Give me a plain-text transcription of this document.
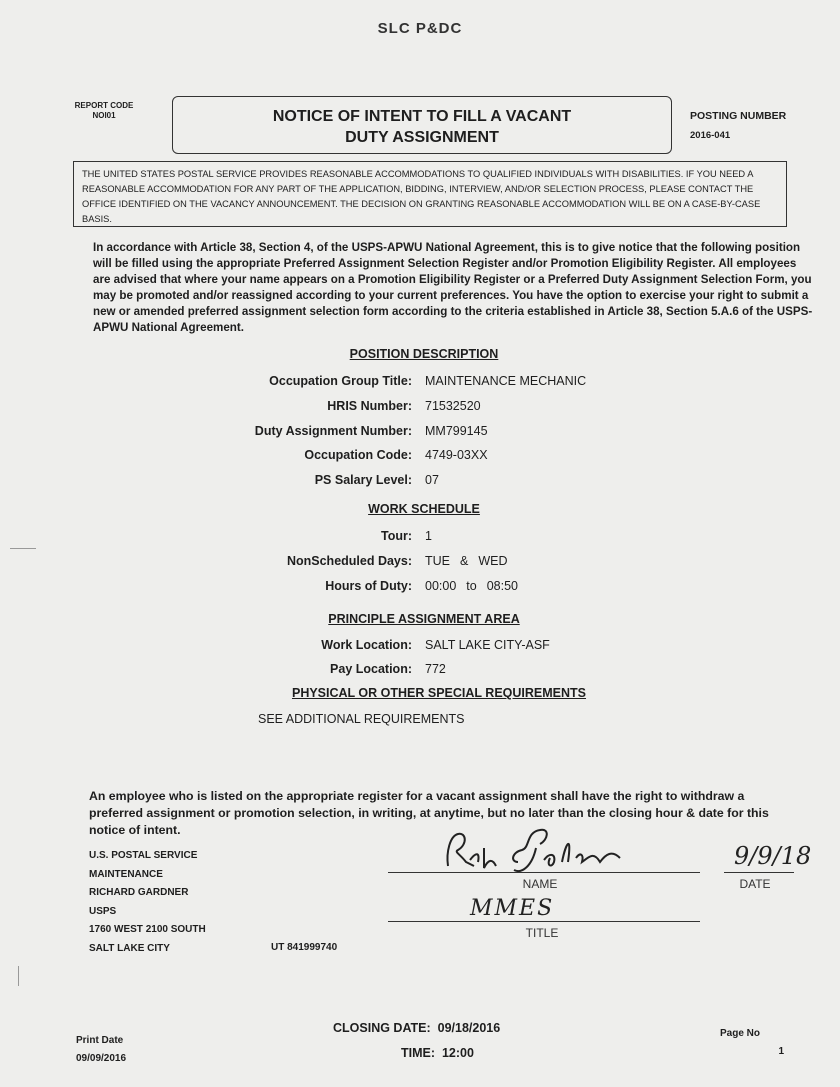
SLC P&DC
REPORT CODE
NOI01	NOTICE OF INTENT TO FILL A VACANT
DUTY ASSIGNMENT
POSTING NUMBER
2016-041
THE UNITED STATES POSTAL SERVICE PROVIDES REASONABLE ACCOMMODATIONS TO QUALIFIED INDIVIDUALS WITH DISABILITIES. IF YOU NEED A REASONABLE ACCOMMODATION FOR ANY PART OF THE APPLICATION, BIDDING, INTERVIEW, AND/OR SELECTION PROCESS, PLEASE CONTACT THE OFFICE IDENTIFIED ON THE VACANCY ANNOUNCEMENT. THE DECISION ON GRANTING REASONABLE ACCOMMODATION WILL BE ON A CASE-BY-CASE BASIS.
In accordance with Article 38, Section 4, of the USPS-APWU National Agreement, this is to give notice that the following position will be filled using the appropriate Preferred Assignment Selection Register and/or Promotion Eligibility Register. All employees are advised that where your name appears on a Promotion Eligibility Register or a Preferred Duty Assignment Selection Form, you may be promoted and/or reassigned according to your current preferences. You have the option to exercise your right to submit a new or amended preferred assignment selection form according to the criteria established in Article 38, Section 5.A.6 of the USPS-APWU National Agreement.
POSITION DESCRIPTION
Occupation Group Title: MAINTENANCE MECHANIC
HRIS Number: 71532520
Duty Assignment Number: MM799145
Occupation Code: 4749-03XX
PS Salary Level: 07
WORK SCHEDULE
Tour: 1
NonScheduled Days: TUE & WED
Hours of Duty: 00:00 to 08:50
PRINCIPLE ASSIGNMENT AREA
Work Location: SALT LAKE CITY-ASF
Pay Location: 772
PHYSICAL OR OTHER SPECIAL REQUIREMENTS
SEE ADDITIONAL REQUIREMENTS
An employee who is listed on the appropriate register for a vacant assignment shall have the right to withdraw a preferred assignment or promotion selection, in writing, at anytime, but no later than the closing hour & date for this notice of intent.
U.S. POSTAL SERVICE
MAINTENANCE
RICHARD GARDNER
USPS
1760 WEST 2100 SOUTH
SALT LAKE CITY	UT 841999740
NAME
9/9/18
DATE
MMES
TITLE
CLOSING DATE: 09/18/2016
TIME: 12:00
Print Date
09/09/2016
Page No
1
